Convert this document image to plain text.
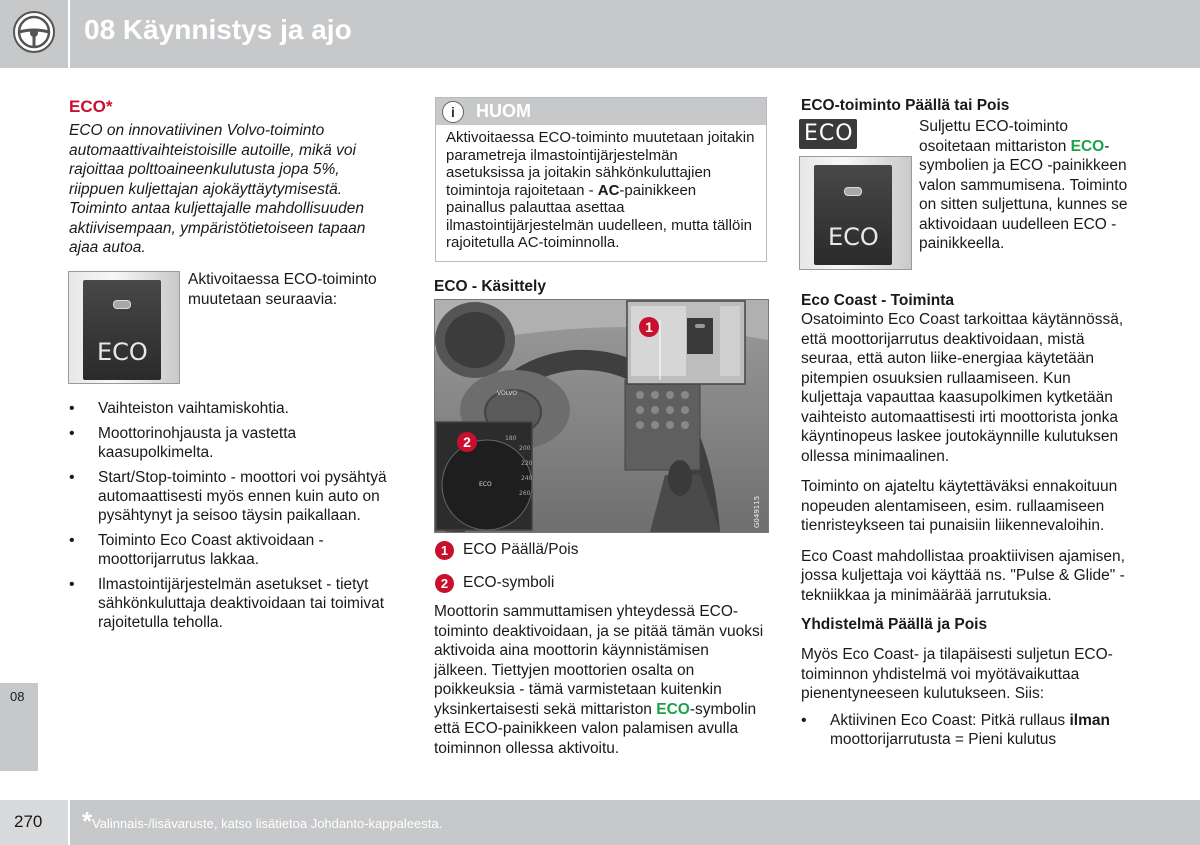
08 Käynnistys ja ajo
08
270 * Valinnais-/lisävaruste, katso lisätietoa Johdanto-kappaleesta.
ECO*

ECO on innovatiivinen Volvo-toiminto automaattivaihteistoisille autoille, mikä voi rajoittaa polttoaineenkulutusta jopa 5%, riippuen kuljettajan ajokäyttäytymisestä. Toiminto antaa kuljettajalle mahdollisuuden aktiivisempaan, ympäristötietoiseen tapaan ajaa autoa.

ECO

Aktivoitaessa ECO-toiminto muutetaan seuraavia:

• Vaihteiston vaihtamiskohtia.
• Moottorinohjausta ja vastetta kaasupolkimelta.
• Start/Stop-toiminto - moottori voi pysähtyä automaattisesti myös ennen kuin auto on pysähtynyt ja seisoo täysin paikallaan.
• Toiminto Eco Coast aktivoidaan - moottorijarrutus lakkaa.
• Ilmastointijärjestelmän asetukset - tietyt sähkönkuluttaja deaktivoidaan tai toimivat rajoitetulla teholla.
i	HUOM
Aktivoitaessa ECO-toiminto muutetaan joitakin parametreja ilmastointijärjestelmän asetuksissa ja joitakin sähkönkuluttajien toimintoja rajoitetaan - AC-painikkeen painallus palauttaa asettaa ilmastointijärjestelmän uudelleen, mutta tällöin rajoitetulla AC-toiminnolla.
ECO - Käsittely
180
200
220
240
260
ECO
VOLVO
G049115
1
2
1 ECO Päällä/Pois
2 ECO-symboli

Moottorin sammuttamisen yhteydessä ECO-toiminto deaktivoidaan, ja se pitää tämän vuoksi aktivoida aina moottorin käynnistämisen jälkeen. Tiettyjen moottorien osalta on poikkeuksia - tämä varmistetaan kuitenkin yksinkertaisesti sekä mittariston ECO-symbolin että ECO-painikkeen valon palamisen avulla toiminnon ollessa aktivoitu.

ECO-toiminto Päällä tai Pois
ECO
ECO

Suljettu ECO-toiminto osoitetaan mittariston ECO-symbolien ja ECO -painikkeen valon sammumisena. Toiminto on sitten suljettuna, kunnes se aktivoidaan uudelleen ECO -painikkeella.

Eco Coast - Toiminta

Osatoiminto Eco Coast tarkoittaa käytännössä, että moottorijarrutus deaktivoidaan, mistä seuraa, että auton liike-energiaa käytetään pitempien osuuksien rullaamiseen. Kun kuljettaja vapauttaa kaasupolkimen kytketään vaihteisto automaattisesti irti moottorista jonka käyntinopeus laskee joutokäynnille kulutuksen ollessa minimaalinen.

Toiminto on ajateltu käytettäväksi ennakoituun nopeuden alentamiseen, esim. rullaamiseen tienristeykseen tai punaisiin liikennevaloihin.

Eco Coast mahdollistaa proaktiivisen ajamisen, jossa kuljettaja voi käyttää ns. "Pulse & Glide" -tekniikkaa ja minimäärää jarrutuksia.

Yhdistelmä Päällä ja Pois

Myös Eco Coast- ja tilapäisesti suljetun ECO-toiminnon yhdistelmä voi myötävaikuttaa pienentyneeseen kulutukseen. Siis:

• Aktiivinen Eco Coast: Pitkä rullaus ilman moottorijarrutusta = Pieni kulutus
